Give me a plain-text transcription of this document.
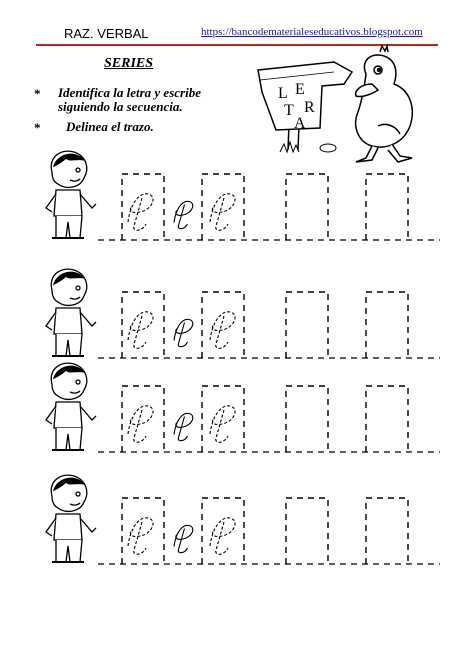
RAZ. VERBAL	https://bancodematerialeseducativos.blogspot.com
SERIES
* Identifica la letra y escribe
siguiendo la secuencia.
* Delinea el trazo.
L E
T R
A
